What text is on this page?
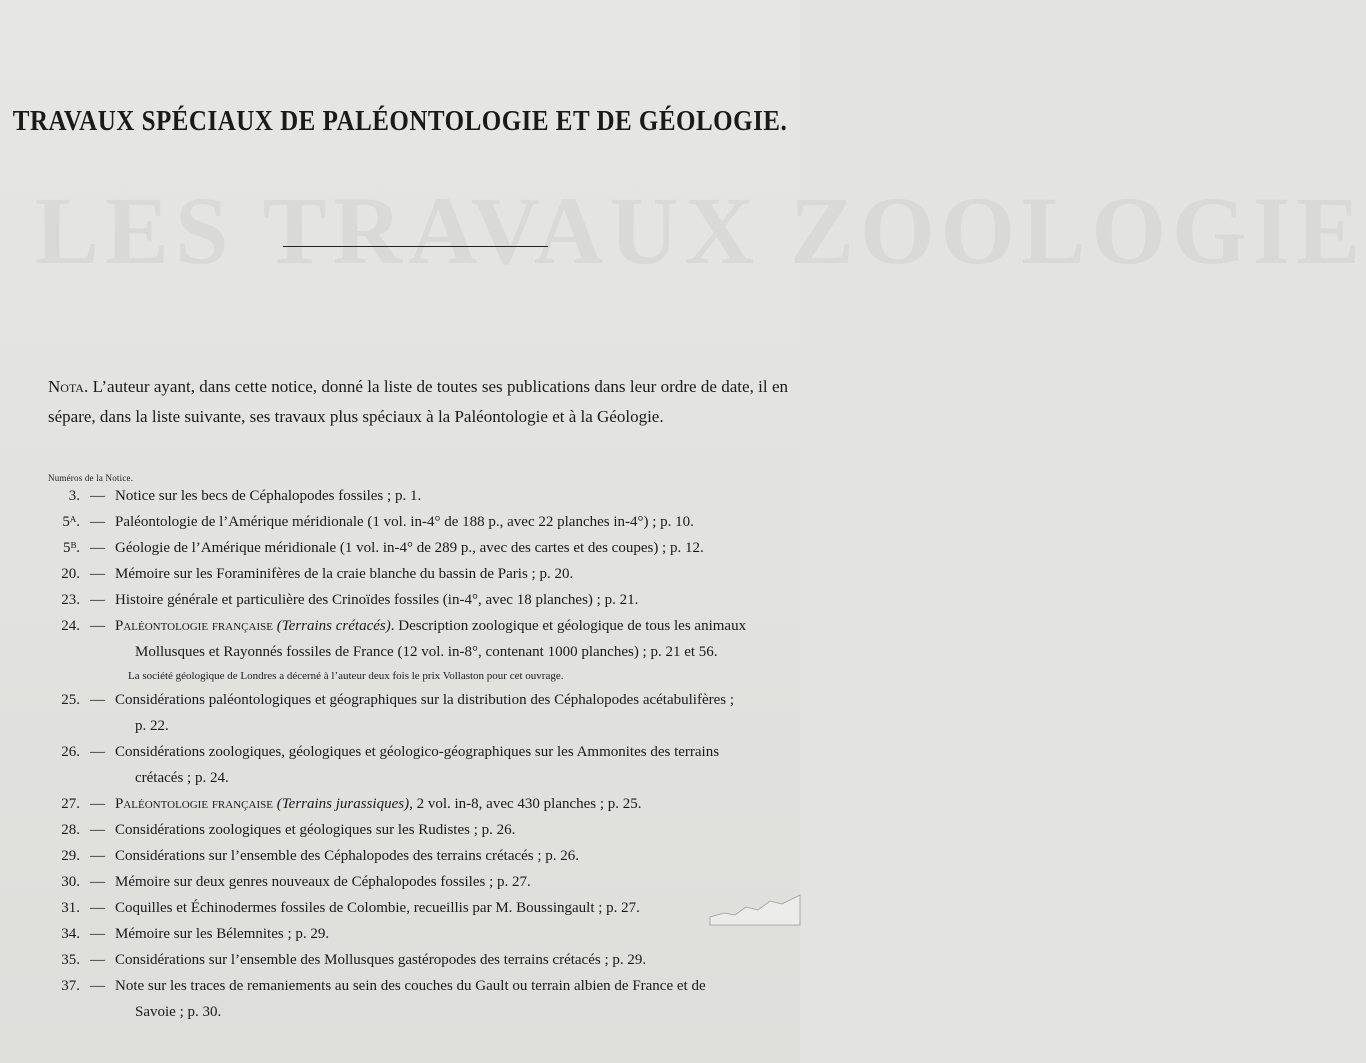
LES TRAVAUX ZOOLOGIE
TRAVAUX SPÉCIAUX DE PALÉONTOLOGIE ET DE GÉOLOGIE.
Nota. L’auteur ayant, dans cette notice, donné la liste de toutes ses publications dans leur ordre de date, il en sépare, dans la liste suivante, ses travaux plus spéciaux à la Paléontologie et à la Géologie.
Numéros de la Notice.
3. — Notice sur les becs de Céphalopodes fossiles ; p. 1.
5ᴬ. — Paléontologie de l’Amérique méridionale (1 vol. in-4° de 188 p., avec 22 planches in-4°) ; p. 10.
5ᴮ. — Géologie de l’Amérique méridionale (1 vol. in-4° de 289 p., avec des cartes et des coupes) ; p. 12.
20. — Mémoire sur les Foraminifères de la craie blanche du bassin de Paris ; p. 20.
23. — Histoire générale et particulière des Crinoïdes fossiles (in-4°, avec 18 planches) ; p. 21.
24. — Paléontologie française (Terrains crétacés). Description zoologique et géologique de tous les animaux
Mollusques et Rayonnés fossiles de France (12 vol. in-8°, contenant 1000 planches) ; p. 21 et 56.
La société géologique de Londres a décerné à l’auteur deux fois le prix Vollaston pour cet ouvrage.
25. — Considérations paléontologiques et géographiques sur la distribution des Céphalopodes acétabulifères ;
p. 22.
26. — Considérations zoologiques, géologiques et géologico-géographiques sur les Ammonites des terrains
crétacés ; p. 24.
27. — Paléontologie française (Terrains jurassiques), 2 vol. in-8, avec 430 planches ; p. 25.
28. — Considérations zoologiques et géologiques sur les Rudistes ; p. 26.
29. — Considérations sur l’ensemble des Céphalopodes des terrains crétacés ; p. 26.
30. — Mémoire sur deux genres nouveaux de Céphalopodes fossiles ; p. 27.
31. — Coquilles et Échinodermes fossiles de Colombie, recueillis par M. Boussingault ; p. 27.
34. — Mémoire sur les Bélemnites ; p. 29.
35. — Considérations sur l’ensemble des Mollusques gastéropodes des terrains crétacés ; p. 29.
37. — Note sur les traces de remaniements au sein des couches du Gault ou terrain albien de France et de
Savoie ; p. 30.
